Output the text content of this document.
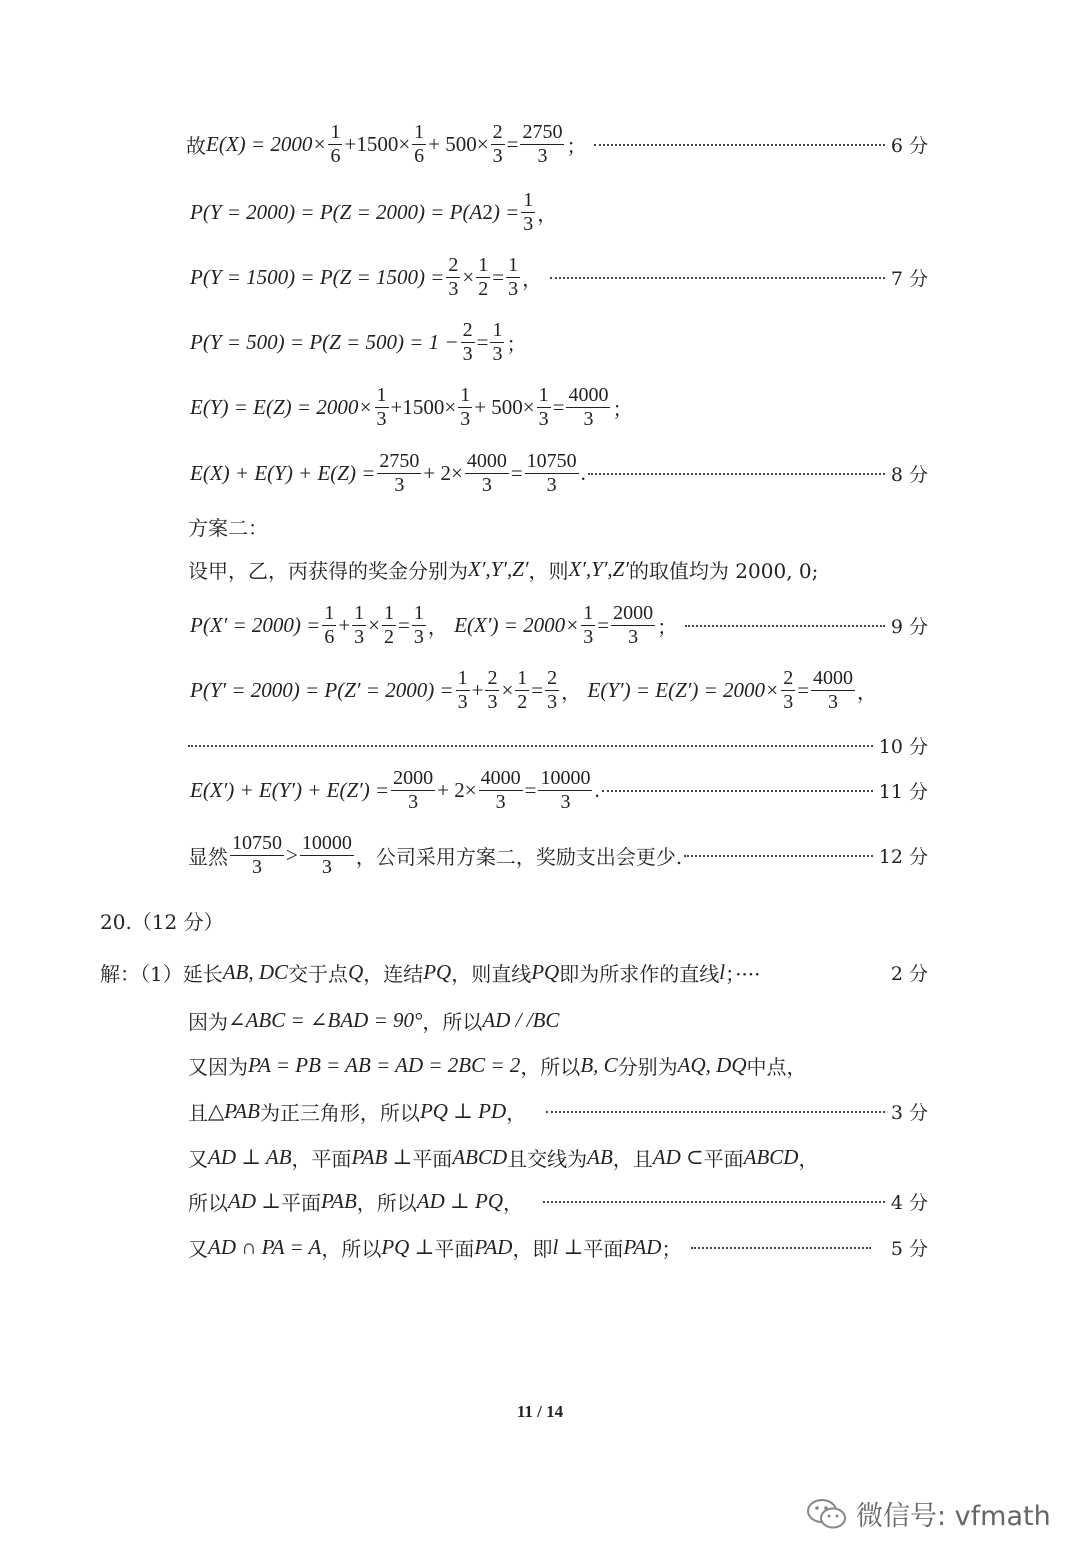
故 $E(X) = 2000\times \frac{1}{6} +1500\times \frac{1}{6} + 500\times \frac{2}{3} = \frac{2750}{3}$ ；	6 分
P(Y = 2000) = P(Z = 2000) = P(A 2 ) = $\frac{1}{3}$ ，
$P(Y = 1500) = P(Z = 1500) = \frac{2}{3} \times \frac{1}{2} = \frac{1}{3}$ ，	7 分
$P(Y = 500) = P(Z = 500) = 1 - \frac{2}{3} = \frac{1}{3}$ ；
$E(Y) = E(Z) = 2000\times \frac{1}{3} +1500\times \frac{1}{3} + 500\times \frac{1}{3} = \frac{4000}{3}$ ；
$E(X) + E(Y) + E(Z) = \frac{2750}{3} + 2\times \frac{4000}{3} = \frac{10750}{3}$ .	8 分
方案二：
设甲，乙，丙获得的奖金分别为 X′,Y′,Z′ ，则 X′,Y′,Z′ 的取值均为 2000, 0;
$P(X' = 2000) = \frac{1}{6} + \frac{1}{3} \times \frac{1}{2} = \frac{1}{3}$ ， $E(X') = 2000\times \frac{1}{3} = \frac{2000}{3}$ ；	9 分
$P(Y' = 2000) = P(Z' = 2000) = \frac{1}{3} + \frac{2}{3} \times \frac{1}{2} = \frac{2}{3}$ ， $E(Y') = E(Z') = 2000\times \frac{2}{3} = \frac{4000}{3}$ ，
10 分
$E(X') + E(Y') + E(Z') = \frac{2000}{3} + 2\times \frac{4000}{3} = \frac{10000}{3}$ .	11 分
显然 $\frac{10750}{3} > \frac{10000}{3}$ ，公司采用方案二，奖励支出会更少.	12 分
20.（12 分）
解：（1）延长 AB, DC 交于点 Q ，连结 PQ ，则直线 PQ 即为所求作的直线 l ；····	2 分
因为 ∠ABC = ∠BAD = 90° ，所以 AD / /BC
又因为 PA = PB = AB = AD = 2BC = 2 ，所以 B, C 分别为 AQ, DQ 中点，
且 △PAB 为正三角形，所以 PQ ⊥ PD ，	3 分
又 AD ⊥ AB ，平面 PAB ⊥ 平面 ABCD 且交线为 AB ，且 AD ⊂ 平面 ABCD ，
所以 AD ⊥ 平面 PAB ，所以 AD ⊥ PQ ，	4 分
又 AD ∩ PA = A ，所以 PQ ⊥ 平面 PAD ，即 l ⊥ 平面 PAD ；	5 分
11 / 14
微信号: vfmath
